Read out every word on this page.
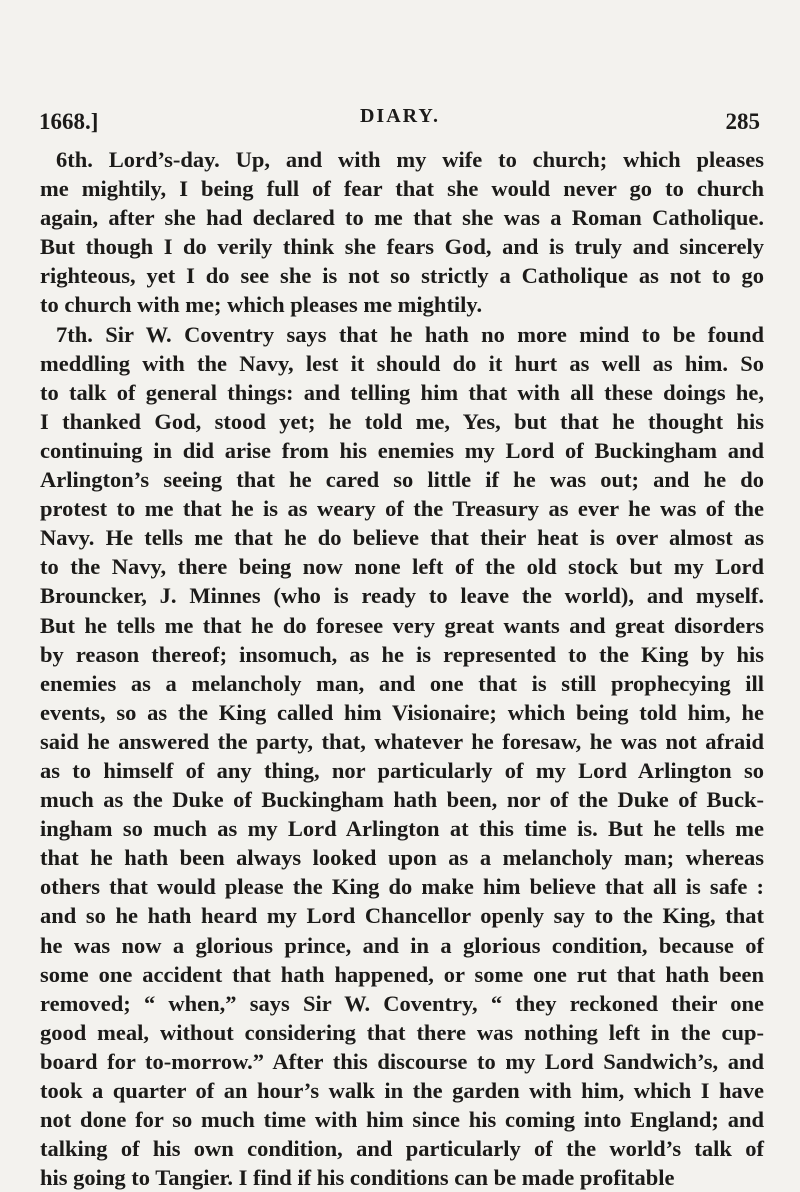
1668.]	DIARY.	285
6th. Lord’s-day. Up, and with my wife to church; which pleases
me mightily, I being full of fear that she would never go to church
again, after she had declared to me that she was a Roman Catholique.
But though I do verily think she fears God, and is truly and sincerely
righteous, yet I do see she is not so strictly a Catholique as not to go
to church with me; which pleases me mightily.
7th. Sir W. Coventry says that he hath no more mind to be found
meddling with the Navy, lest it should do it hurt as well as him. So
to talk of general things: and telling him that with all these doings he,
I thanked God, stood yet; he told me, Yes, but that he thought his
continuing in did arise from his enemies my Lord of Buckingham and
Arlington’s seeing that he cared so little if he was out; and he do
protest to me that he is as weary of the Treasury as ever he was of the
Navy. He tells me that he do believe that their heat is over almost as
to the Navy, there being now none left of the old stock but my Lord
Brouncker, J. Minnes (who is ready to leave the world), and myself.
But he tells me that he do foresee very great wants and great disorders
by reason thereof; insomuch, as he is represented to the King by his
enemies as a melancholy man, and one that is still prophecying ill
events, so as the King called him Visionaire; which being told him, he
said he answered the party, that, whatever he foresaw, he was not afraid
as to himself of any thing, nor particularly of my Lord Arlington so
much as the Duke of Buckingham hath been, nor of the Duke of Buck-
ingham so much as my Lord Arlington at this time is. But he tells me
that he hath been always looked upon as a melancholy man; whereas
others that would please the King do make him believe that all is safe :
and so he hath heard my Lord Chancellor openly say to the King, that
he was now a glorious prince, and in a glorious condition, because of
some one accident that hath happened, or some one rut that hath been
removed; “ when,” says Sir W. Coventry, “ they reckoned their one
good meal, without considering that there was nothing left in the cup-
board for to-morrow.” After this discourse to my Lord Sandwich’s, and
took a quarter of an hour’s walk in the garden with him, which I have
not done for so much time with him since his coming into England; and
talking of his own condition, and particularly of the world’s talk of
his going to Tangier. I find if his conditions can be made profitable
